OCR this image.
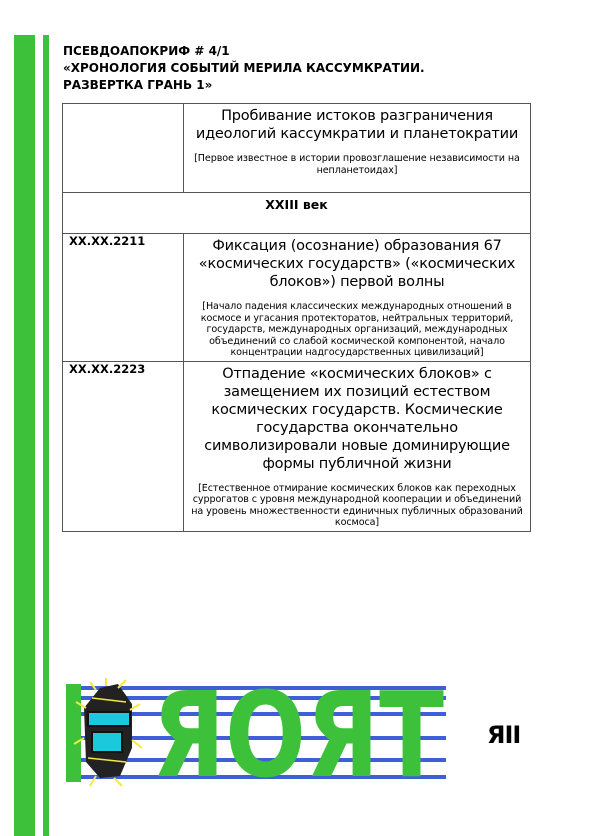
ПСЕВДОАПОКРИФ # 4/1
«ХРОНОЛОГИЯ СОБЫТИЙ МЕРИЛА КАССУМКРАТИИ.
РАЗВЕРТКА ГРАНЬ 1»

	Пробивание истоков разграничения идеологий кассумкратии и планетократии
[Первое известное в истории провозглашение независимости на непланетоидах]

XXIII век	
XX.XX.2211	Фиксация (осознание) образования 67 «космических государств» («космических блоков») первой волны
[Начало падения классических международных отношений в космосе и угасания протекторатов, нейтральных территорий, государств, международных организаций, международных объединений со слабой космической компонентой, начало концентрации надгосударственных цивилизаций]

XX.XX.2223	Отпадение «космических блоков» с замещением их позиций естеством космических государств. Космические государства окончательно символизировали новые доминирующие формы публичной жизни
[Естественное отмирание космических блоков как переходных суррогатов с уровня международной кооперации и объединений на уровень множественности единичных публичных образований космоса]
ЯОЯТ ЯII
